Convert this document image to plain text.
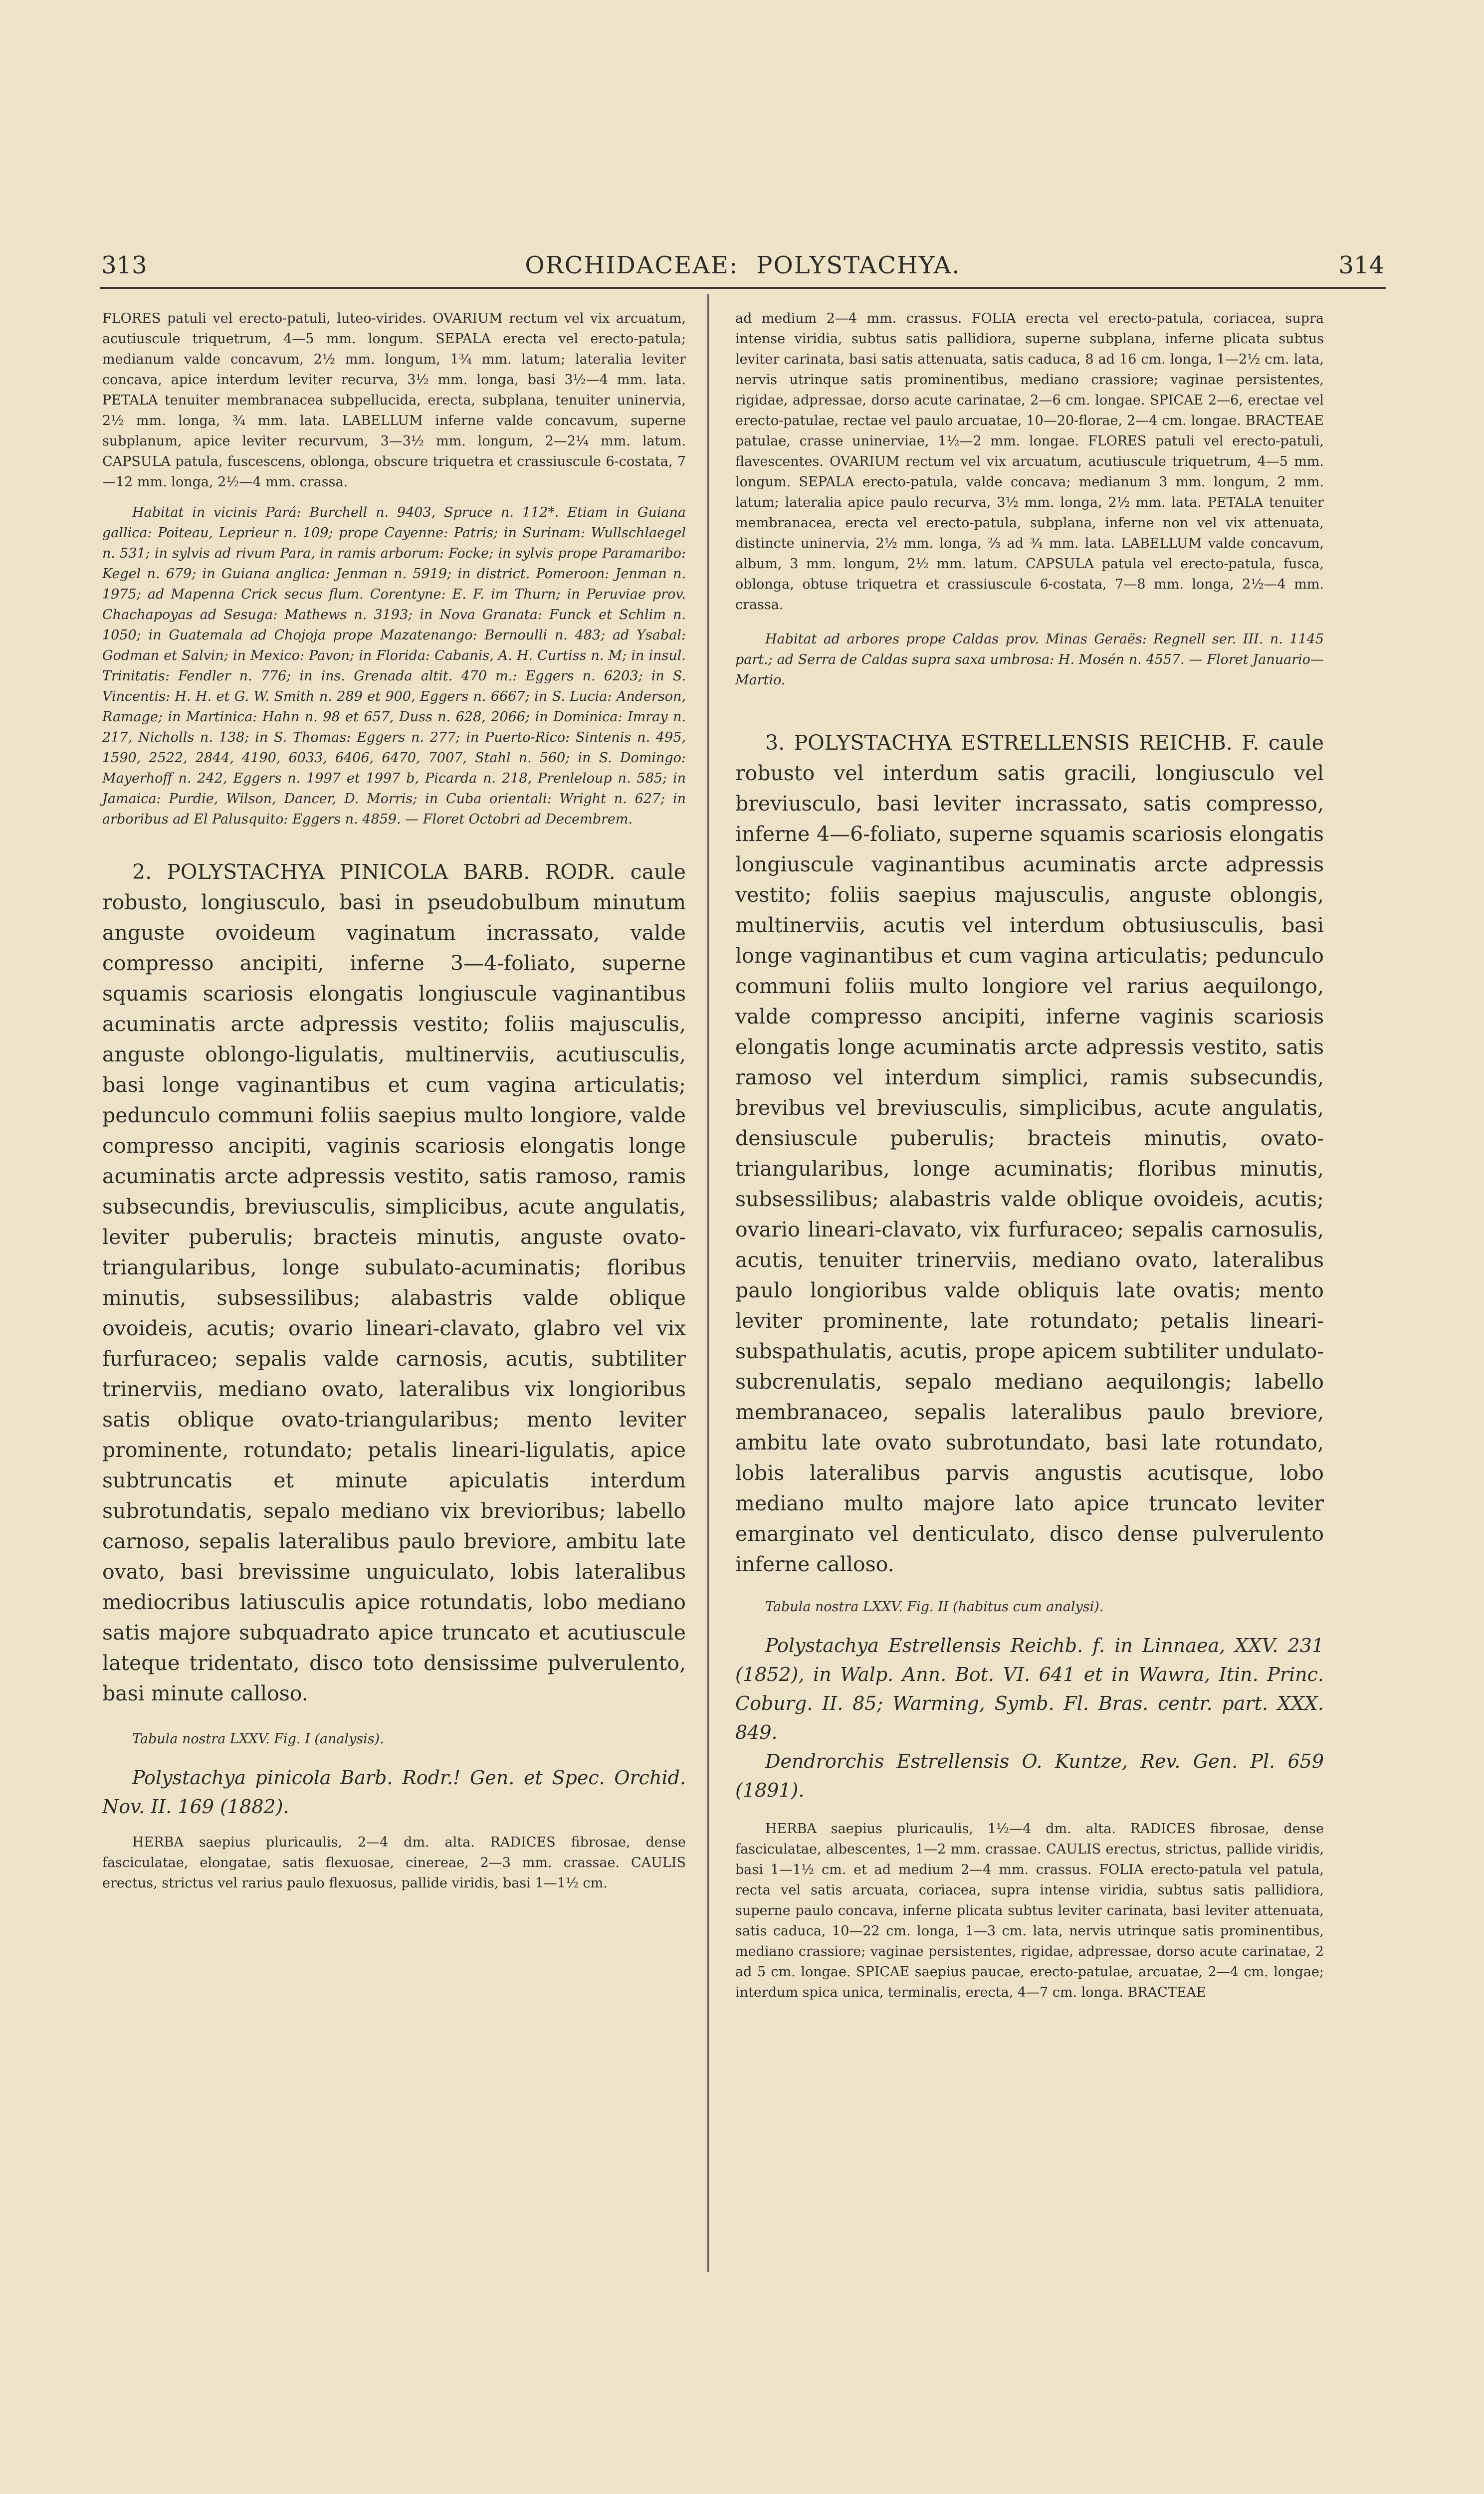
313	ORCHIDACEAE: POLYSTACHYA.	314

FLORES patuli vel erecto-patuli, luteo-virides. OVARIUM rectum vel vix arcuatum, acutiuscule triquetrum, 4—5 mm. longum. SEPALA erecta vel erecto-patula; medianum valde concavum, 2½ mm. longum, 1¾ mm. latum; lateralia leviter concava, apice interdum leviter recurva, 3½ mm. longa, basi 3½—4 mm. lata. PETALA tenuiter membranacea subpellucida, erecta, subplana, tenuiter uninervia, 2½ mm. longa, ¾ mm. lata. LABELLUM inferne valde concavum, superne subplanum, apice leviter recurvum, 3—3½ mm. longum, 2—2¼ mm. latum. CAPSULA patula, fuscescens, oblonga, obscure triquetra et crassiuscule 6-costata, 7—12 mm. longa, 2½—4 mm. crassa.

Habitat in vicinis Pará: Burchell n. 9403, Spruce n. 112*. Etiam in Guiana gallica: Poiteau, Leprieur n. 109; prope Cayenne: Patris; in Surinam: Wullschlaegel n. 531; in sylvis ad rivum Para, in ramis arborum: Focke; in sylvis prope Paramaribo: Kegel n. 679; in Guiana anglica: Jenman n. 5919; in district. Pomeroon: Jenman n. 1975; ad Mapenna Crick secus flum. Corentyne: E. F. im Thurn; in Peruviae prov. Chachapoyas ad Sesuga: Mathews n. 3193; in Nova Granata: Funck et Schlim n. 1050; in Guatemala ad Chojoja prope Mazatenango: Bernoulli n. 483; ad Ysabal: Godman et Salvin; in Mexico: Pavon; in Florida: Cabanis, A. H. Curtiss n. M; in insul. Trinitatis: Fendler n. 776; in ins. Grenada altit. 470 m.: Eggers n. 6203; in S. Vincentis: H. H. et G. W. Smith n. 289 et 900, Eggers n. 6667; in S. Lucia: Anderson, Ramage; in Martinica: Hahn n. 98 et 657, Duss n. 628, 2066; in Dominica: Imray n. 217, Nicholls n. 138; in S. Thomas: Eggers n. 277; in Puerto-Rico: Sintenis n. 495, 1590, 2522, 2844, 4190, 6033, 6406, 6470, 7007, Stahl n. 560; in S. Domingo: Mayerhoff n. 242, Eggers n. 1997 et 1997 b, Picarda n. 218, Prenleloup n. 585; in Jamaica: Purdie, Wilson, Dancer, D. Morris; in Cuba orientali: Wright n. 627; in arboribus ad El Palusquito: Eggers n. 4859. — Floret Octobri ad Decembrem.

2. POLYSTACHYA PINICOLA BARB. RODR. caule robusto, longiusculo, basi in pseudobulbum minutum anguste ovoideum vaginatum incrassato, valde compresso ancipiti, inferne 3—4-foliato, superne squamis scariosis elongatis longiuscule vaginantibus acuminatis arcte adpressis vestito; foliis majusculis, anguste oblongo-ligulatis, multinerviis, acutiusculis, basi longe vaginantibus et cum vagina articulatis; pedunculo communi foliis saepius multo longiore, valde compresso ancipiti, vaginis scariosis elongatis longe acuminatis arcte adpressis vestito, satis ramoso, ramis subsecundis, breviusculis, simplicibus, acute angulatis, leviter puberulis; bracteis minutis, anguste ovato-triangularibus, longe subulato-acuminatis; floribus minutis, subsessilibus; alabastris valde oblique ovoideis, acutis; ovario lineari-clavato, glabro vel vix furfuraceo; sepalis valde carnosis, acutis, subtiliter trinerviis, mediano ovato, lateralibus vix longioribus satis oblique ovato-triangularibus; mento leviter prominente, rotundato; petalis lineari-ligulatis, apice subtruncatis et minute apiculatis interdum subrotundatis, sepalo mediano vix brevioribus; labello carnoso, sepalis lateralibus paulo breviore, ambitu late ovato, basi brevissime unguiculato, lobis lateralibus mediocribus latiusculis apice rotundatis, lobo mediano satis majore subquadrato apice truncato et acutiuscule lateque tridentato, disco toto densissime pulverulento, basi minute calloso.

Tabula nostra LXXV. Fig. I (analysis).

Polystachya pinicola Barb. Rodr.! Gen. et Spec. Orchid. Nov. II. 169 (1882).

HERBA saepius pluricaulis, 2—4 dm. alta. RADICES fibrosae, dense fasciculatae, elongatae, satis flexuosae, cinereae, 2—3 mm. crassae. CAULIS erectus, strictus vel rarius paulo flexuosus, pallide viridis, basi 1—1½ cm.

ad medium 2—4 mm. crassus. FOLIA erecta vel erecto-patula, coriacea, supra intense viridia, subtus satis pallidiora, superne subplana, inferne plicata subtus leviter carinata, basi satis attenuata, satis caduca, 8 ad 16 cm. longa, 1—2½ cm. lata, nervis utrinque satis prominentibus, mediano crassiore; vaginae persistentes, rigidae, adpressae, dorso acute carinatae, 2—6 cm. longae. SPICAE 2—6, erectae vel erecto-patulae, rectae vel paulo arcuatae, 10—20-florae, 2—4 cm. longae. BRACTEAE patulae, crasse uninerviae, 1½—2 mm. longae. FLORES patuli vel erecto-patuli, flavescentes. OVARIUM rectum vel vix arcuatum, acutiuscule triquetrum, 4—5 mm. longum. SEPALA erecto-patula, valde concava; medianum 3 mm. longum, 2 mm. latum; lateralia apice paulo recurva, 3½ mm. longa, 2½ mm. lata. PETALA tenuiter membranacea, erecta vel erecto-patula, subplana, inferne non vel vix attenuata, distincte uninervia, 2½ mm. longa, ⅔ ad ¾ mm. lata. LABELLUM valde concavum, album, 3 mm. longum, 2½ mm. latum. CAPSULA patula vel erecto-patula, fusca, oblonga, obtuse triquetra et crassiuscule 6-costata, 7—8 mm. longa, 2½—4 mm. crassa.

Habitat ad arbores prope Caldas prov. Minas Geraës: Regnell ser. III. n. 1145 part.; ad Serra de Caldas supra saxa umbrosa: H. Mosén n. 4557. — Floret Januario—Martio.

3. POLYSTACHYA ESTRELLENSIS REICHB. F. caule robusto vel interdum satis gracili, longiusculo vel breviusculo, basi leviter incrassato, satis compresso, inferne 4—6-foliato, superne squamis scariosis elongatis longiuscule vaginantibus acuminatis arcte adpressis vestito; foliis saepius majusculis, anguste oblongis, multinerviis, acutis vel interdum obtusiusculis, basi longe vaginantibus et cum vagina articulatis; pedunculo communi foliis multo longiore vel rarius aequilongo, valde compresso ancipiti, inferne vaginis scariosis elongatis longe acuminatis arcte adpressis vestito, satis ramoso vel interdum simplici, ramis subsecundis, brevibus vel breviusculis, simplicibus, acute angulatis, densiuscule puberulis; bracteis minutis, ovato-triangularibus, longe acuminatis; floribus minutis, subsessilibus; alabastris valde oblique ovoideis, acutis; ovario lineari-clavato, vix furfuraceo; sepalis carnosulis, acutis, tenuiter trinerviis, mediano ovato, lateralibus paulo longioribus valde obliquis late ovatis; mento leviter prominente, late rotundato; petalis lineari-subspathulatis, acutis, prope apicem subtiliter undulato-subcrenulatis, sepalo mediano aequilongis; labello membranaceo, sepalis lateralibus paulo breviore, ambitu late ovato subrotundato, basi late rotundato, lobis lateralibus parvis angustis acutisque, lobo mediano multo majore lato apice truncato leviter emarginato vel denticulato, disco dense pulverulento inferne calloso.

Tabula nostra LXXV. Fig. II (habitus cum analysi).

Polystachya Estrellensis Reichb. f. in Linnaea, XXV. 231 (1852), in Walp. Ann. Bot. VI. 641 et in Wawra, Itin. Princ. Coburg. II. 85; Warming, Symb. Fl. Bras. centr. part. XXX. 849.

Dendrorchis Estrellensis O. Kuntze, Rev. Gen. Pl. 659 (1891).

HERBA saepius pluricaulis, 1½—4 dm. alta. RADICES fibrosae, dense fasciculatae, albescentes, 1—2 mm. crassae. CAULIS erectus, strictus, pallide viridis, basi 1—1½ cm. et ad medium 2—4 mm. crassus. FOLIA erecto-patula vel patula, recta vel satis arcuata, coriacea, supra intense viridia, subtus satis pallidiora, superne paulo concava, inferne plicata subtus leviter carinata, basi leviter attenuata, satis caduca, 10—22 cm. longa, 1—3 cm. lata, nervis utrinque satis prominentibus, mediano crassiore; vaginae persistentes, rigidae, adpressae, dorso acute carinatae, 2 ad 5 cm. longae. SPICAE saepius paucae, erecto-patulae, arcuatae, 2—4 cm. longae; interdum spica unica, terminalis, erecta, 4—7 cm. longa. BRACTEAE
